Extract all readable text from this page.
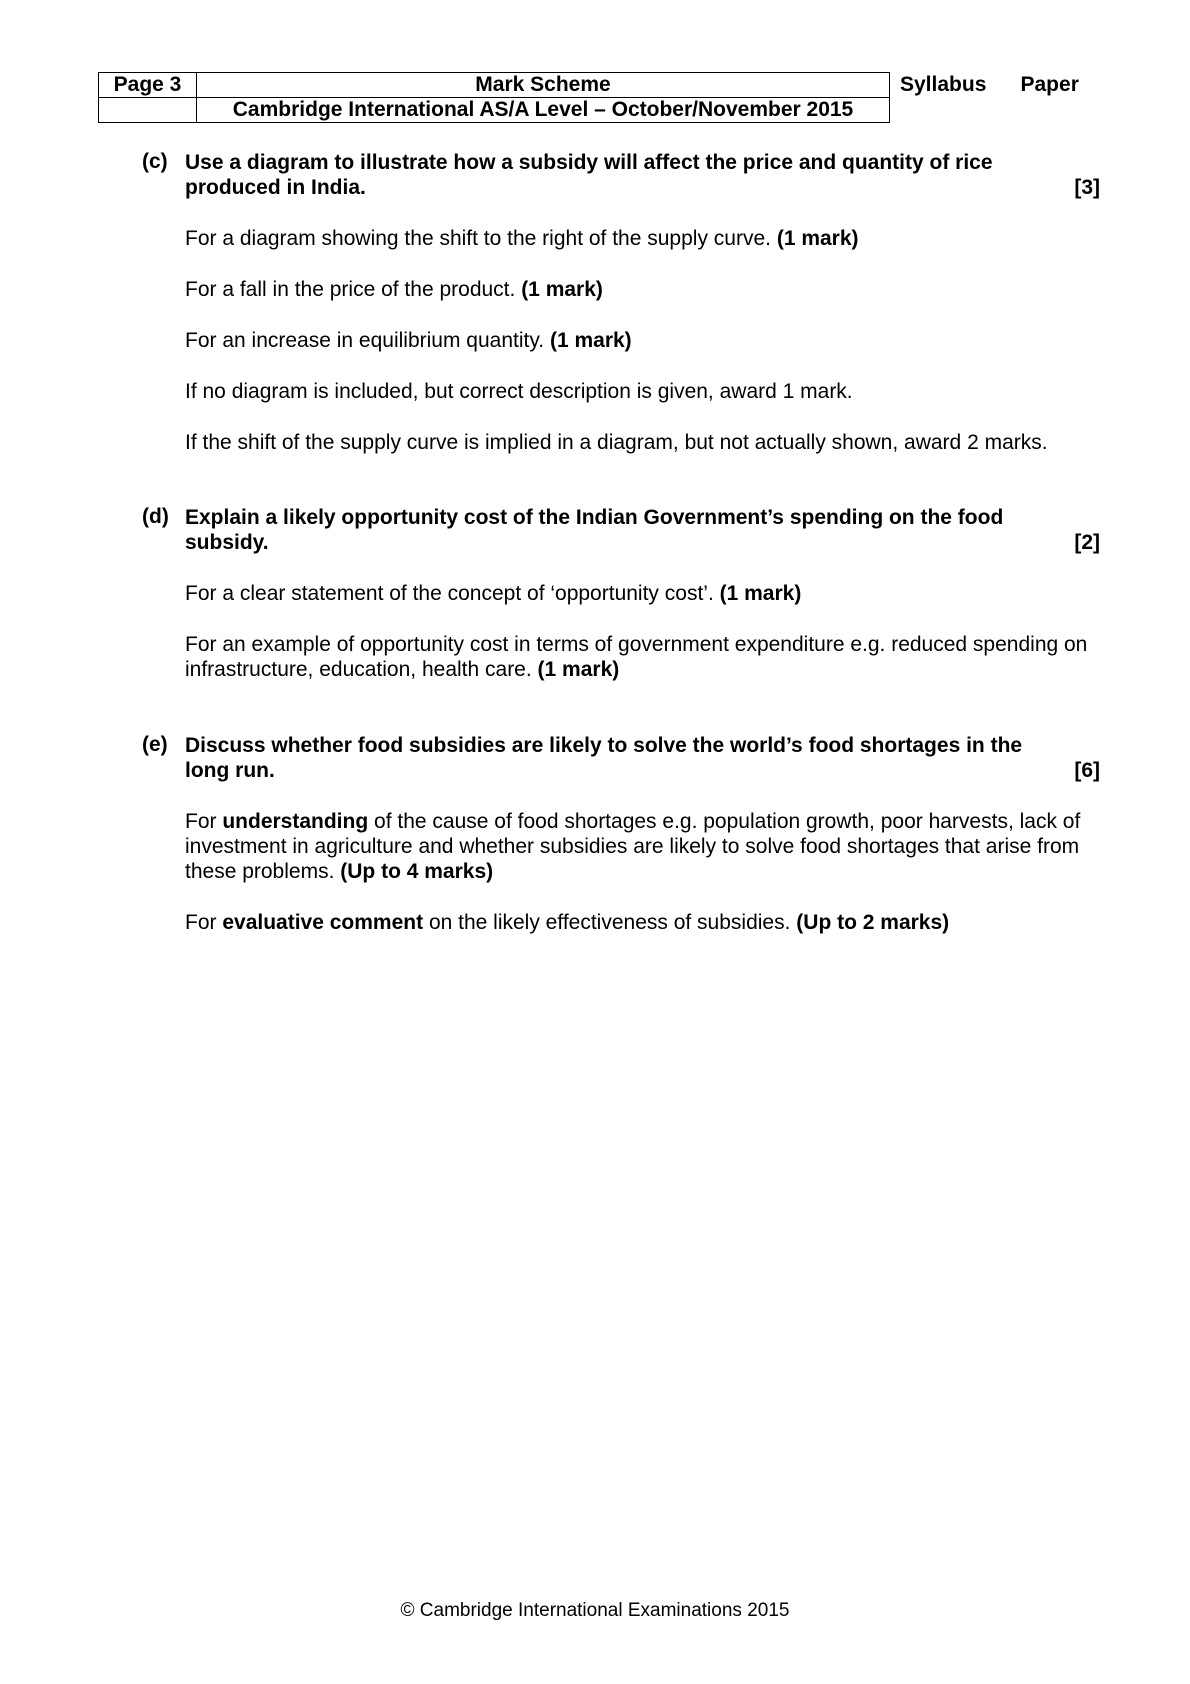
Page 3	Mark Scheme	Syllabus	Paper
	Cambridge International AS/A Level – October/November 2015		
(c) Use a diagram to illustrate how a subsidy will affect the price and quantity of rice produced in India.	[3]
For a diagram showing the shift to the right of the supply curve. (1 mark)
For a fall in the price of the product. (1 mark)
For an increase in equilibrium quantity. (1 mark)
If no diagram is included, but correct description is given, award 1 mark.
If the shift of the supply curve is implied in a diagram, but not actually shown, award 2 marks.
(d) Explain a likely opportunity cost of the Indian Government’s spending on the food subsidy.	[2]
For a clear statement of the concept of ‘opportunity cost’. (1 mark)
For an example of opportunity cost in terms of government expenditure e.g. reduced spending on infrastructure, education, health care. (1 mark)
(e) Discuss whether food subsidies are likely to solve the world’s food shortages in the long run.	[6]
For understanding of the cause of food shortages e.g. population growth, poor harvests, lack of investment in agriculture and whether subsidies are likely to solve food shortages that arise from these problems. (Up to 4 marks)
For evaluative comment on the likely effectiveness of subsidies. (Up to 2 marks)
© Cambridge International Examinations 2015
